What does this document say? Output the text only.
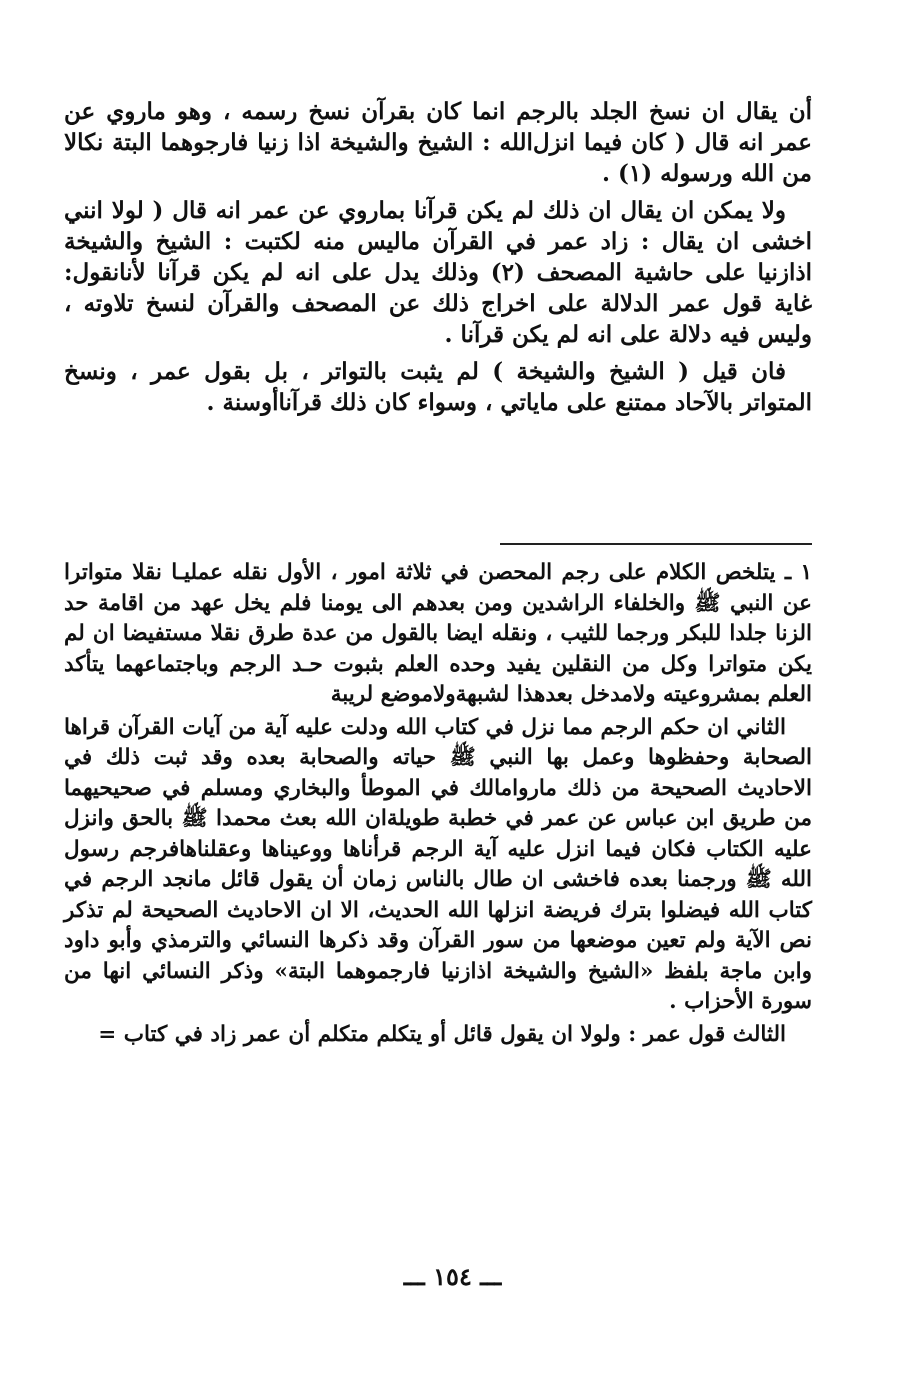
أن يقال ان نسخ الجلد بالرجم انما كان بقرآن نسخ رسمه ، وهو ماروي عن عمر انه قال ( كان فيما انزل‌الله : الشيخ والشيخة اذا زنيا فارجوهما البتة نكالا من الله ورسوله (١) .

ولا يمكن ان يقال ان ذلك لم يكن قرآنا بماروي عن عمر انه قال ( لولا انني اخشى ان يقال : زاد عمر في القرآن ماليس منه لكتبت : الشيخ والشيخة اذازنيا على حاشية المصحف (٢) وذلك يدل على انه لم يكن قرآنا لأنانقول: غاية قول عمر الدلالة على اخراج ذلك عن المصحف والقرآن لنسخ تلاوته ، وليس فيه دلالة على انه لم يكن قرآنا .

فان قيل ( الشيخ والشيخة ) لم يثبت بالتواتر ، بل بقول عمر ، ونسخ المتواتر بالآحاد ممتنع على ماياتي ، وسواء كان ذلك قرآناأوسنة .

١ ـ يتلخص الكلام على رجم المحصن في ثلاثة امور ، الأول نقله عمليـا نقلا متواترا عن النبي ﷺ والخلفاء الراشدين ومن بعدهم الى يومنا فلم يخل عهد من اقامة حد الزنا جلدا للبكر ورجما للثيب ، ونقله ايضا بالقول من عدة طرق نقلا مستفيضا ان لم يكن متواترا وكل من النقلين يفيد وحده العلم بثبوت حـد الرجم وباجتماعهما يتأكد العلم بمشروعيته ولامدخل بعدهذا لشبهةولاموضع لريبة

الثاني ان حكم الرجم مما نزل في كتاب الله ودلت عليه آية من آيات القرآن قراها الصحابة وحفظوها وعمل بها النبي ﷺ حياته والصحابة بعده وقد ثبت ذلك في الاحاديث الصحيحة من ذلك ماروامالك في الموطأ والبخاري ومسلم في صحيحيهما من طريق ابن عباس عن عمر في خطبة طويلةان الله بعث محمدا ﷺ بالحق وانزل عليه الكتاب فكان فيما انزل عليه آية الرجم قرأناها ووعيناها وعقلناهافرجم رسول الله ﷺ ورجمنا بعده فاخشى ان طال بالناس زمان أن يقول قائل مانجد الرجم في كتاب الله فيضلوا بترك فريضة انزلها الله الحديث، الا ان الاحاديث الصحيحة لم تذكر نص الآية ولم تعين موضعها من سور القرآن وقد ذكرها النسائي والترمذي وأبو داود وابن ماجة بلفظ «الشيخ والشيخة اذازنيا فارجموهما البتة» وذكر النسائي انها من سورة الأحزاب .

الثالث قول عمر : ولولا ان يقول قائل أو يتكلم متكلم أن عمر زاد في كتاب =

ـــ ١٥٤ ـــ
